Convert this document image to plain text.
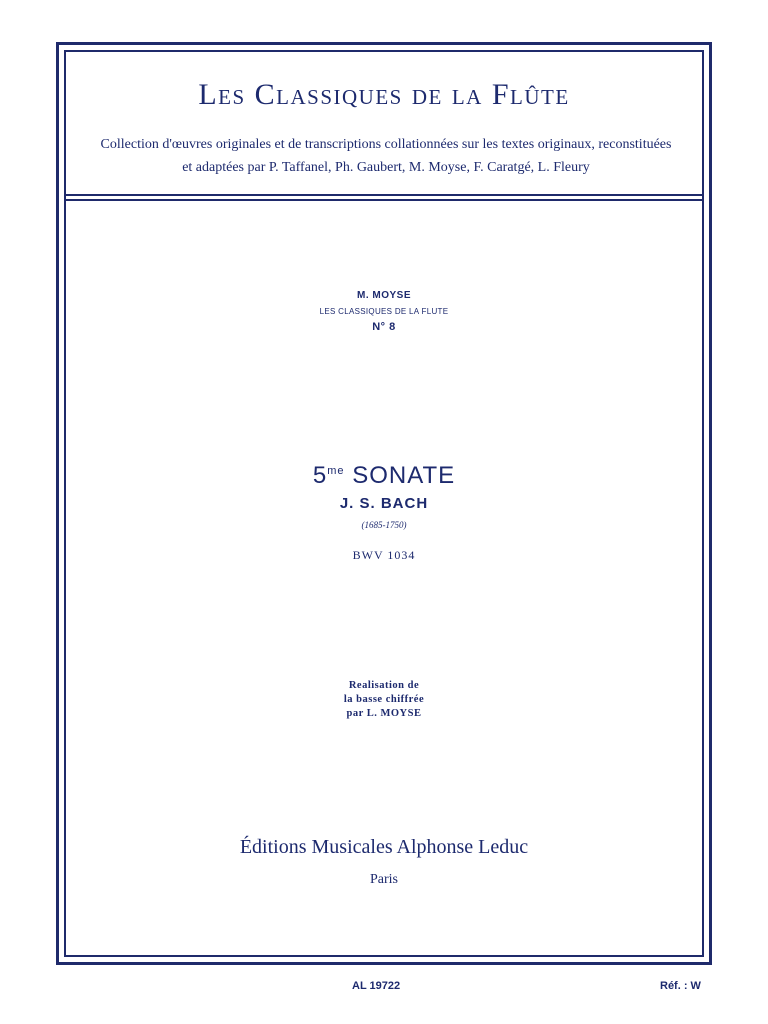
Les Classiques de la Flûte
Collection d'œuvres originales et de transcriptions collationnées sur les textes originaux, reconstituées
et adaptées par P. Taffanel, Ph. Gaubert, M. Moyse, F. Caratgé, L. Fleury
M. MOYSE
LES CLASSIQUES DE LA FLUTE
N° 8
$5^{me}$ SONATE
J. S. BACH
(1685-1750)
BWV 1034
Realisation de
la basse chiffrée
par L. MOYSE
Éditions Musicales Alphonse Leduc
Paris
AL 19722	Réf. : W
